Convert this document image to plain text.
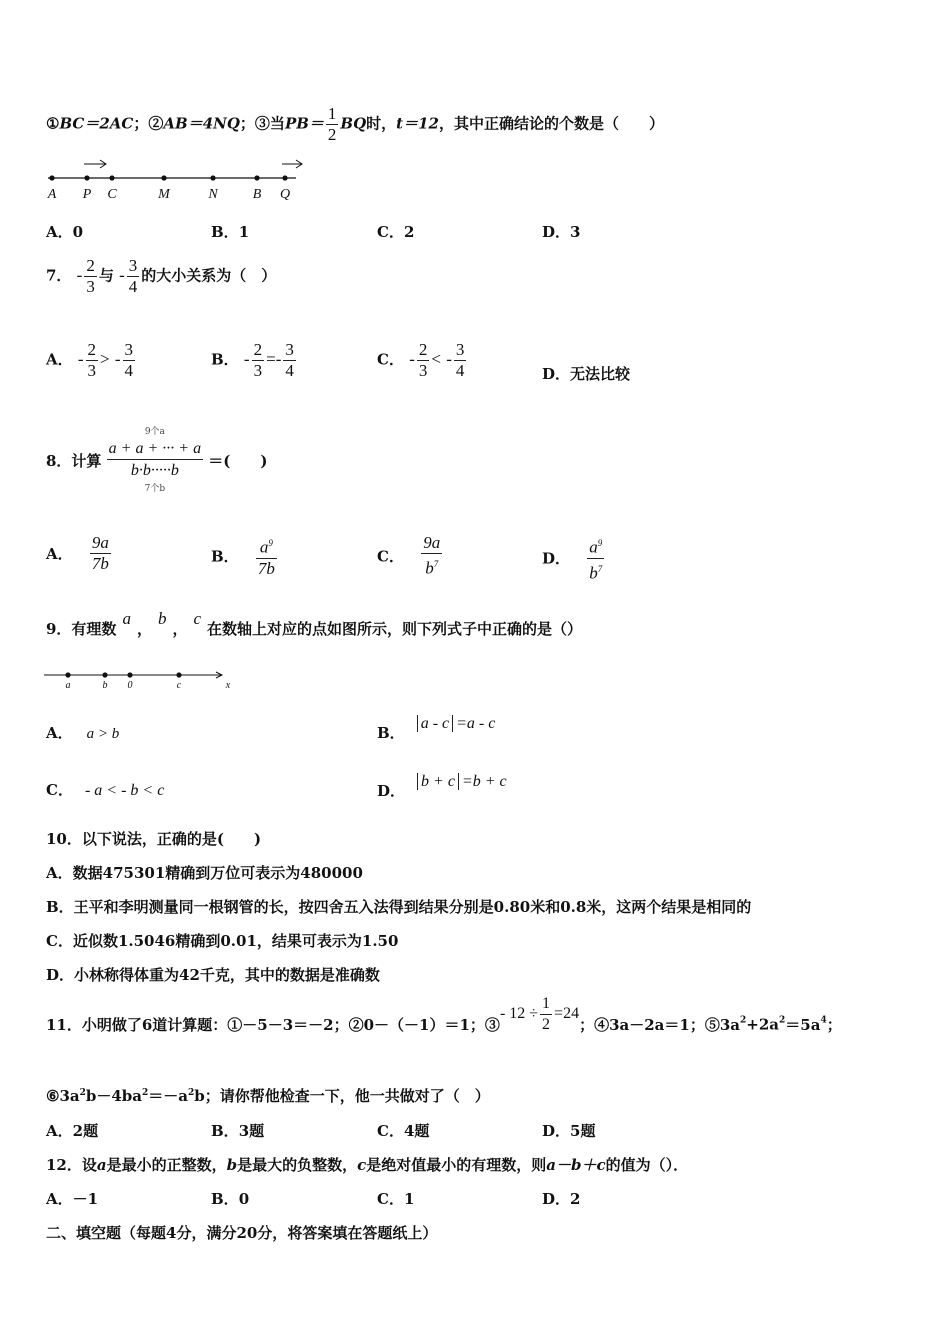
①BC＝2AC；②AB＝4NQ；③当$PB= \frac{1}{2}$ BQ时，t＝12，其中正确结论的个数是（　　）
A P C	M	N	B Q
A．0	B．1	C．2	D．3
7． - $\frac{2}{3}$ 与 - $\frac{3}{4}$ 的大小关系为（　）
A． - $\frac{2}{3}$ > - $\frac{3}{4}$	B． - $\frac{2}{3} =- \frac{3}{4}$	C． - $\frac{2}{3}$ < - $\frac{3}{4}$	D．无法比较
8．计算
9个a
a + a + ··· + a
b·b·····b
7个b
＝(　　)
A． $\frac{9a}{7b}$	B． $\frac{a^9}{7b}$	C． $\frac{9a}{b^7}$	D． $\frac{a^9}{b^7}$
9．有理数a，b，c在数轴上对应的点如图所示，则下列式子中正确的是（）
a	b 0	c	x
A． a > b	B．a - c =a - c
C． - a < - b < c	D．b + c =b + c
10．以下说法，正确的是(　　)
A．数据475301精确到万位可表示为480000
B．王平和李明测量同一根钢管的长，按四舍五入法得到结果分别是0.80米和0.8米，这两个结果是相同的
C．近似数1.5046精确到0.01，结果可表示为1.50
D．小林称得体重为42千克，其中的数据是准确数
11．小明做了6道计算题：①－5－3＝－2；②0－（－1）＝1；③- $12 \div \frac{1}{2} =24$；④3a－2a＝1；$⑤3a^2+2a^2=5a^4$；
$⑥3a^2b-4ba^2=-a^2b$；请你帮他检查一下，他一共做对了（　）
A．2题	B．3题	C．4题	D．5题
12．设a是最小的正整数，b是最大的负整数，c是绝对值最小的有理数，则a－b＋c的值为（）．
A．－1	B．0	C．1	D．2
二、填空题（每题4分，满分20分，将答案填在答题纸上）
